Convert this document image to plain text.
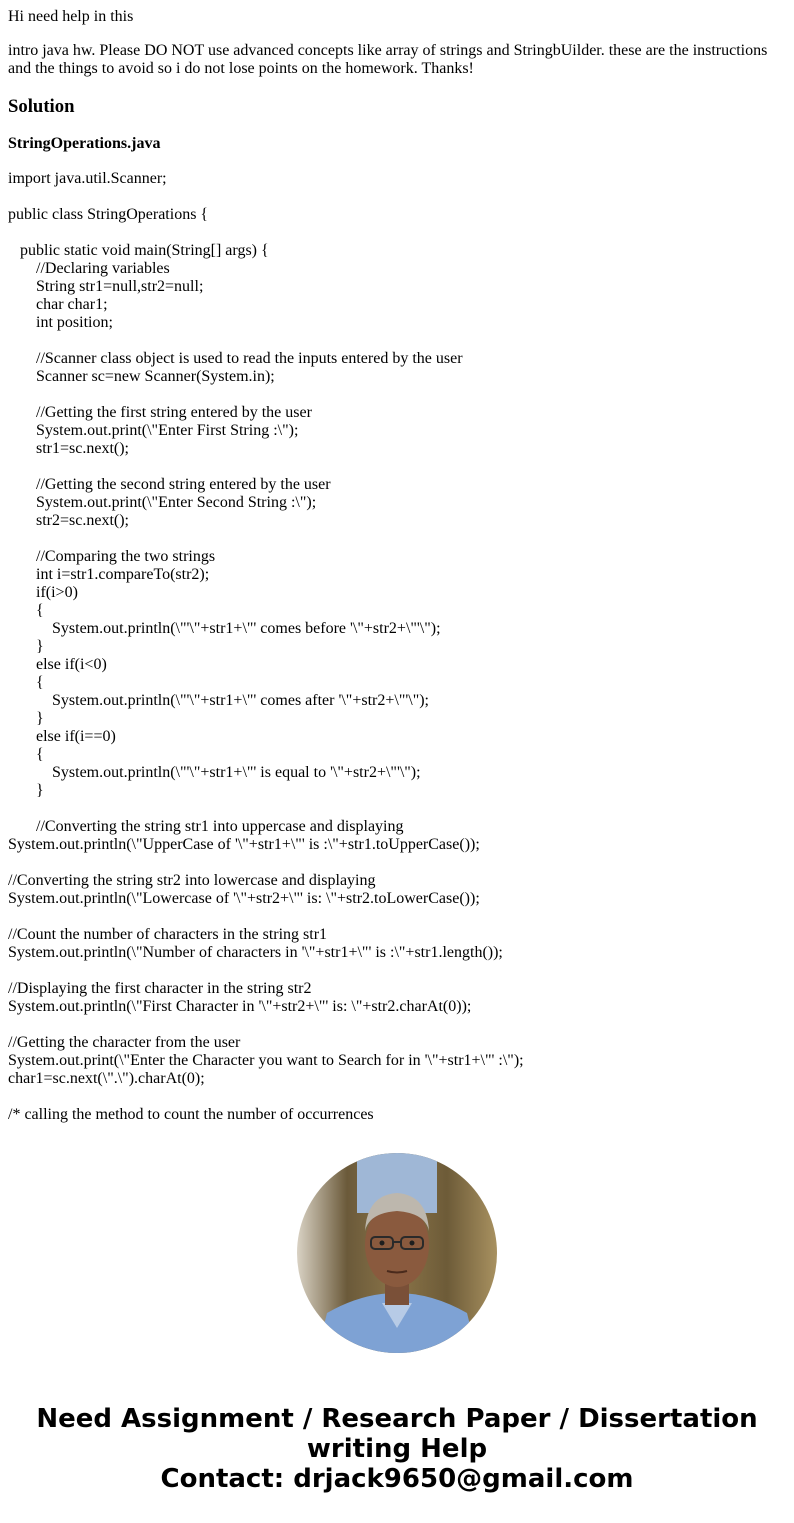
Hi need help in this

intro java hw. Please DO NOT use advanced concepts like array of strings and StringbUilder. these are the instructions and the things to avoid so i do not lose points on the homework. Thanks!

Solution
StringOperations.java
import java.util.Scanner;
public class StringOperations {
public static void main(String[] args) {
//Declaring variables
String str1=null,str2=null;
char char1;
int position;
//Scanner class object is used to read the inputs entered by the user
Scanner sc=new Scanner(System.in);
//Getting the first string entered by the user
System.out.print(\"Enter First String :\");
str1=sc.next();
//Getting the second string entered by the user
System.out.print(\"Enter Second String :\");
str2=sc.next();
//Comparing the two strings
int i=str1.compareTo(str2);
if(i>0)
{
System.out.println(\"'\"+str1+\"' comes before '\"+str2+\"'\");
}
else if(i<0)
{
System.out.println(\"'\"+str1+\"' comes after '\"+str2+\"'\");
}
else if(i==0)
{
System.out.println(\"'\"+str1+\"' is equal to '\"+str2+\"'\");
}
//Converting the string str1 into uppercase and displaying
System.out.println(\"UpperCase of '\"+str1+\"' is :\"+str1.toUpperCase());
//Converting the string str2 into lowercase and displaying
System.out.println(\"Lowercase of '\"+str2+\"' is: \"+str2.toLowerCase());
//Count the number of characters in the string str1
System.out.println(\"Number of characters in '\"+str1+\"' is :\"+str1.length());
//Displaying the first character in the string str2
System.out.println(\"First Character in '\"+str2+\"' is: \"+str2.charAt(0));
//Getting the character from the user
System.out.print(\"Enter the Character you want to Search for in '\"+str1+\"' :\");
char1=sc.next(\".\").charAt(0);
/* calling the method to count the number of occurrences
Need Assignment / Research Paper / Dissertation
writing Help
Contact: drjack9650@gmail.com
